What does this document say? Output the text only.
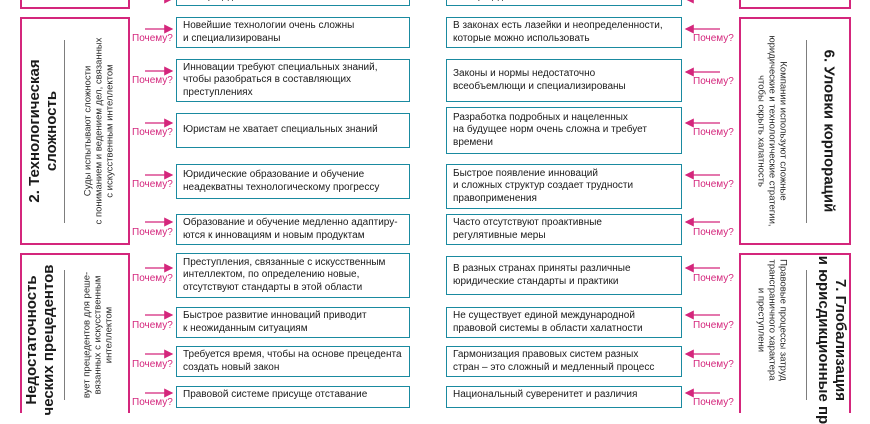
2. Технологическая
сложность
Суды испытывают сложности
с пониманием и ведением дел, связанных
с искусственным интеллектом
Недостаточность
ческих прецедентов
вует прецедентов для реше-
вязанных с искусственным
интеллектом
6. Уловки корпораций
Компании используют сложные
юридические и технологические стратегии,
чтобы скрыть халатность
7. Глобализация
и юрисдикционные пр
Правовые процессы затруд
трансграничного характера
и преступлени
Новейшие технологии очень сложны
и специализированы
Инновации требуют специальных знаний,
чтобы разобраться в составляющих
преступлениях
Юристам не хватает специальных знаний
Юридические образование и обучение
неадекватны технологическому прогрессу
Образование и обучение медленно адаптиру-
ются к инновациям и новым продуктам
Преступления, связанные с искусственным
интеллектом, по определению новые,
отсутствуют стандарты в этой области
Быстрое развитие инноваций приводит
к неожиданным ситуациям
Требуется время, чтобы на основе прецедента
создать новый закон
Правовой системе присуще отставание
В законах есть лазейки и неопределенности,
которые можно использовать
Законы и нормы недостаточно
всеобъемлющи и специализированы
Разработка подробных и нацеленных
на будущее норм очень сложна и требует
времени
Быстрое появление инноваций
и сложных структур создает трудности
правоприменения
Часто отсутствуют проактивные
регулятивные меры
В разных странах приняты различные
юридические стандарты и практики
Не существует единой международной
правовой системы в области халатности
Гармонизация правовых систем разных
стран – это сложный и медленный процесс
Национальный суверенитет и различия
Почему?
Почему?
Почему?
Почему?
Почему?
Почему?
Почему?
Почему?
Почему?
Почему?
Почему?
Почему?
Почему?
Почему?
Почему?
Почему?
Почему?
Почему?
